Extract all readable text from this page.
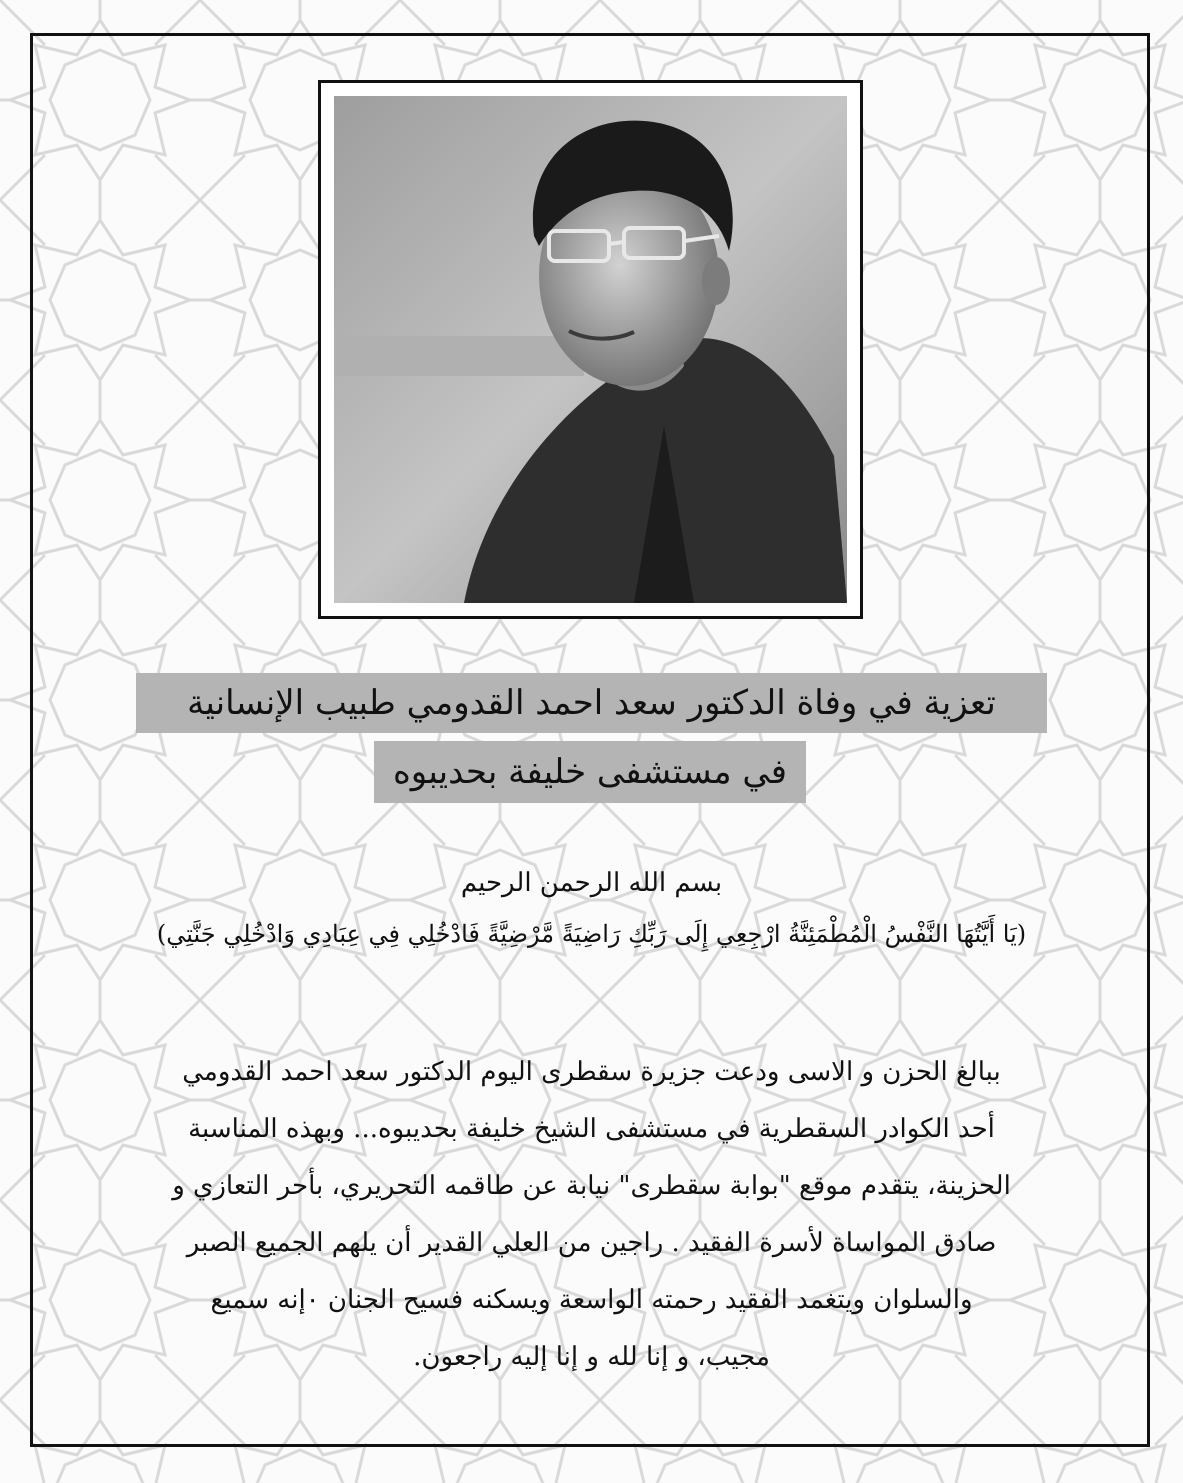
تعزية في وفاة الدكتور سعد احمد القدومي طبيب الإنسانية
في مستشفى خليفة بحديبوه
بسم الله الرحمن الرحيم
(يَا أَيَّتُهَا النَّفْسُ الْمُطْمَئِنَّةُ ارْجِعِي إِلَى رَبِّكِ رَاضِيَةً مَّرْضِيَّةً فَادْخُلِي فِي عِبَادِي وَادْخُلِي جَنَّتِي)
ببالغ الحزن و الاسى ودعت جزيرة سقطرى اليوم الدكتور سعد احمد القدومي
أحد الكوادر السقطرية في مستشفى الشيخ خليفة بحديبوه... وبهذه المناسبة
الحزينة، يتقدم موقع "بوابة سقطرى" نيابة عن طاقمه التحريري، بأحر التعازي و
صادق المواساة لأسرة الفقيد . راجين من العلي القدير أن يلهم الجميع الصبر
والسلوان ويتغمد الفقيد رحمته الواسعة ويسكنه فسيح الجنان ٠إنه سميع
مجيب، و إنا لله و إنا إليه راجعون.
